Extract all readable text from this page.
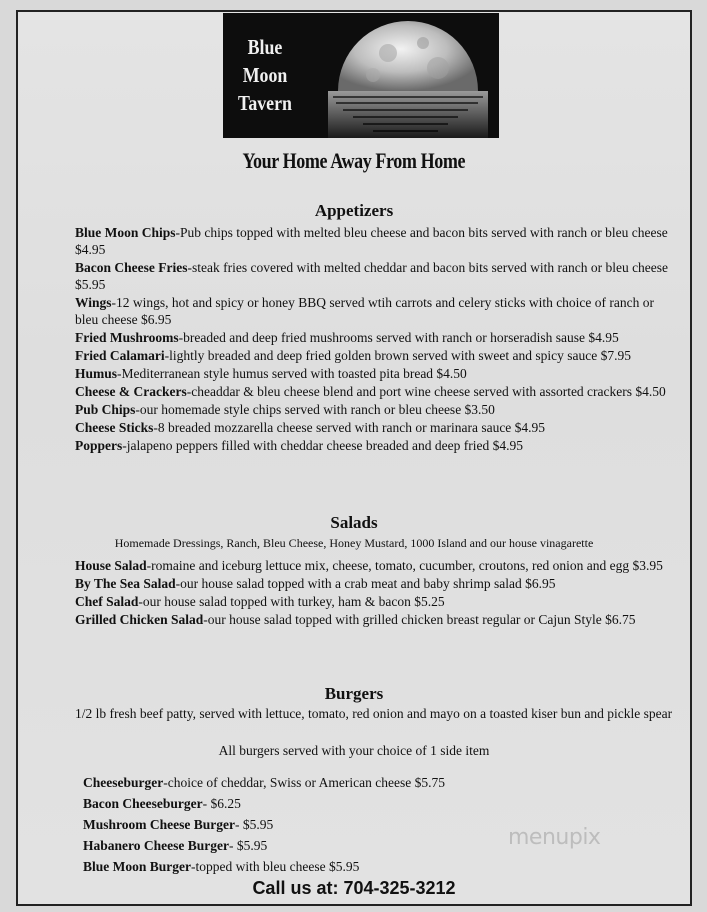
Blue
Moon
Tavern
Your Home Away From Home
Appetizers
Blue Moon Chips-Pub chips topped with melted bleu cheese and bacon bits served with ranch or bleu cheese $4.95
Bacon Cheese Fries-steak fries covered with melted cheddar and bacon bits served with ranch or bleu cheese $5.95
Wings-12 wings, hot and spicy or honey BBQ served wtih carrots and celery sticks with choice of ranch or bleu cheese $6.95
Fried Mushrooms-breaded and deep fried mushrooms served with ranch or horseradish sause $4.95
Fried Calamari-lightly breaded and deep fried golden brown served with sweet and spicy sauce $7.95
Humus-Mediterranean style humus served with toasted pita bread $4.50
Cheese & Crackers-cheaddar & bleu cheese blend and port wine cheese served with assorted crackers $4.50
Pub Chips-our homemade style chips served with ranch or bleu cheese $3.50
Cheese Sticks-8 breaded mozzarella cheese served with ranch or marinara sauce $4.95
Poppers-jalapeno peppers filled with cheddar cheese breaded and deep fried $4.95
Salads
Homemade Dressings, Ranch, Bleu Cheese, Honey Mustard, 1000 Island and our house vinagarette
House Salad-romaine and iceburg lettuce mix, cheese, tomato, cucumber, croutons, red onion and egg $3.95
By The Sea Salad-our house salad topped with a crab meat and baby shrimp salad $6.95
Chef Salad-our house salad topped with turkey, ham & bacon $5.25
Grilled Chicken Salad-our house salad topped with grilled chicken breast regular or Cajun Style $6.75
Burgers
1/2 lb fresh beef patty, served with lettuce, tomato, red onion and mayo on a toasted kiser bun and pickle spear
All burgers served with your choice of 1 side item
Cheeseburger-choice of cheddar, Swiss or American cheese $5.75
Bacon Cheeseburger- $6.25
Mushroom Cheese Burger- $5.95
Habanero Cheese Burger- $5.95
Blue Moon Burger-topped with bleu cheese $5.95
menupix
Call us at: 704-325-3212
